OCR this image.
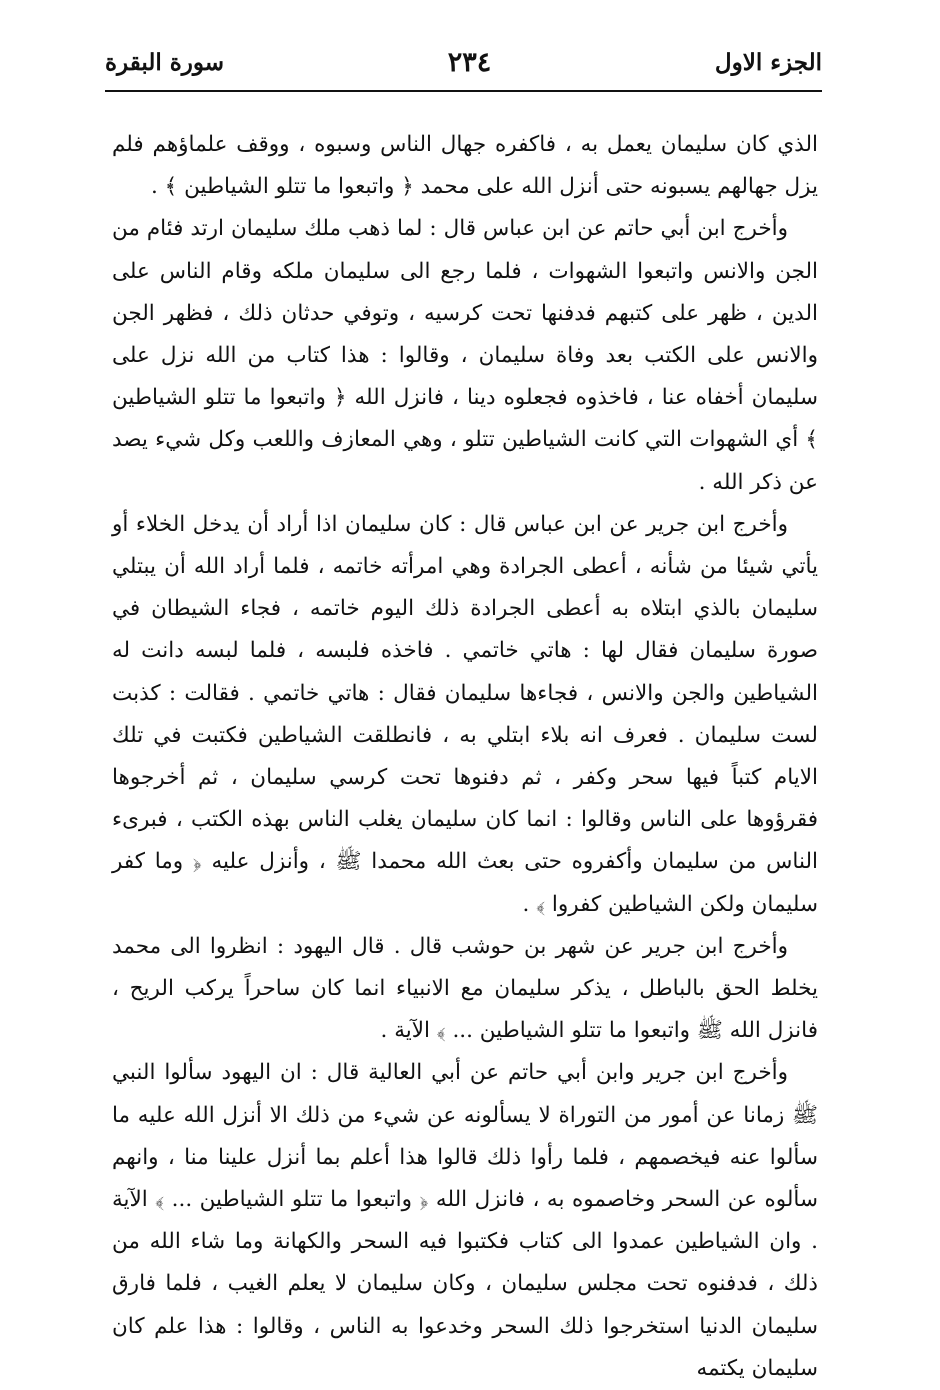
الجزء الاول
٢٣٤
سورة البقرة

الذي كان سليمان يعمل به ، فاكفره جهال الناس وسبوه ، ووقف علماؤهم فلم يزل جهالهم يسبونه حتى أنزل الله على محمد ﴿ واتبعوا ما تتلو الشياطين ﴾ .

وأخرج ابن أبي حاتم عن ابن عباس قال : لما ذهب ملك سليمان ارتد فئام من الجن والانس واتبعوا الشهوات ، فلما رجع الى سليمان ملكه وقام الناس على الدين ، ظهر على كتبهم فدفنها تحت كرسيه ، وتوفي حدثان ذلك ، فظهر الجن والانس على الكتب بعد وفاة سليمان ، وقالوا : هذا كتاب من الله نزل على سليمان أخفاه عنا ، فاخذوه فجعلوه دينا ، فانزل الله ﴿ واتبعوا ما تتلو الشياطين ﴾ أي الشهوات التي كانت الشياطين تتلو ، وهي المعازف واللعب وكل شيء يصد عن ذكر الله .

وأخرج ابن جرير عن ابن عباس قال : كان سليمان اذا أراد أن يدخل الخلاء أو يأتي شيئا من شأنه ، أعطى الجرادة وهي امرأته خاتمه ، فلما أراد الله أن يبتلي سليمان بالذي ابتلاه به أعطى الجرادة ذلك اليوم خاتمه ، فجاء الشيطان في صورة سليمان فقال لها : هاتي خاتمي . فاخذه فلبسه ، فلما لبسه دانت له الشياطين والجن والانس ، فجاءها سليمان فقال : هاتي خاتمي . فقالت : كذبت لست سليمان . فعرف انه بلاء ابتلي به ، فانطلقت الشياطين فكتبت في تلك الايام كتباً فيها سحر وكفر ، ثم دفنوها تحت كرسي سليمان ، ثم أخرجوها فقرؤوها على الناس وقالوا : انما كان سليمان يغلب الناس بهذه الكتب ، فبرىء الناس من سليمان وأكفروه حتى بعث الله محمدا ﷺ ، وأنزل عليه ﴿ وما كفر سليمان ولكن الشياطين كفروا ﴾ .

وأخرج ابن جرير عن شهر بن حوشب قال . قال اليهود : انظروا الى محمد يخلط الحق بالباطل ، يذكر سليمان مع الانبياء انما كان ساحراً يركب الريح ، فانزل الله ﷺ واتبعوا ما تتلو الشياطين ... ﴾ الآية .

وأخرج ابن جرير وابن أبي حاتم عن أبي العالية قال : ان اليهود سألوا النبي ﷺ زمانا عن أمور من التوراة لا يسألونه عن شيء من ذلك الا أنزل الله عليه ما سألوا عنه فيخصمهم ، فلما رأوا ذلك قالوا هذا أعلم بما أنزل علينا منا ، وانهم سألوه عن السحر وخاصموه به ، فانزل الله ﴿ واتبعوا ما تتلو الشياطين ... ﴾ الآية . وان الشياطين عمدوا الى كتاب فكتبوا فيه السحر والكهانة وما شاء الله من ذلك ، فدفنوه تحت مجلس سليمان ، وكان سليمان لا يعلم الغيب ، فلما فارق سليمان الدنيا استخرجوا ذلك السحر وخدعوا به الناس ، وقالوا : هذا علم كان سليمان يكتمه
